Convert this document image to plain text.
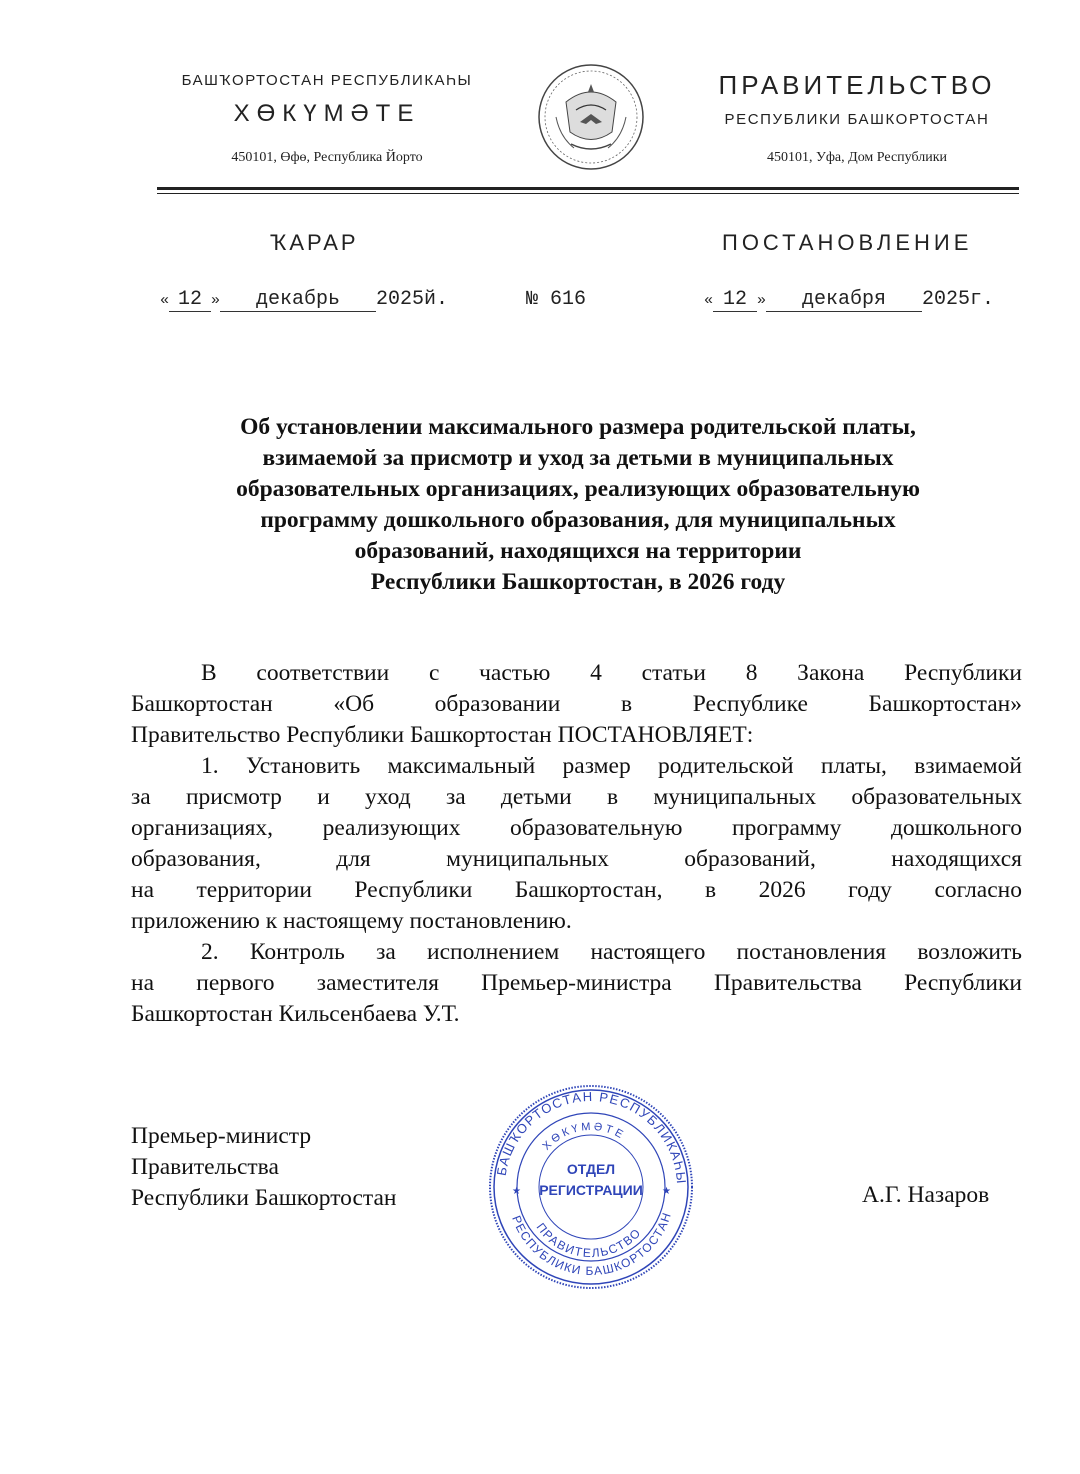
БАШҠОРТОСТАН РЕСПУБЛИКАҺЫ
ХӨКҮМӘТЕ
450101, Өфө, Республика Йорто
ПРАВИТЕЛЬСТВО
РЕСПУБЛИКИ БАШКОРТОСТАН
450101, Уфа, Дом Республики
ҠАРАР	ПОСТАНОВЛЕНИЕ
« 12 » декабрь 2025й.	№ 616	« 12 » декабря 2025г.
Об установлении максимального размера родительской платы,
взимаемой за присмотр и уход за детьми в муниципальных
образовательных организациях, реализующих образовательную
программу дошкольного образования, для муниципальных
образований, находящихся на территории
Республики Башкортостан, в 2026 году

В соответствии с частью 4 статьи 8 Закона Республики

Башкортостан «Об образовании в Республике Башкортостан»

Правительство Республики Башкортостан ПОСТАНОВЛЯЕТ:

1. Установить максимальный размер родительской платы, взимаемой

за присмотр и уход за детьми в муниципальных образовательных

организациях, реализующих образовательную программу дошкольного

образования, для муниципальных образований, находящихся

на территории Республики Башкортостан, в 2026 году согласно

приложению к настоящему постановлению.

2. Контроль за исполнением настоящего постановления возложить

на первого заместителя Премьер-министра Правительства Республики

Башкортостан Кильсенбаева У.Т.

Премьер-министр
Правительства
Республики Башкортостан	А.Г. Назаров
БАШҠОРТОСТАН РЕСПУБЛИКАҺЫ
ХӨКҮМӘТЕ
ПРАВИТЕЛЬСТВО
РЕСПУБЛИКИ БАШКОРТОСТАН
ОТДЕЛ
РЕГИСТРАЦИИ
★	★
